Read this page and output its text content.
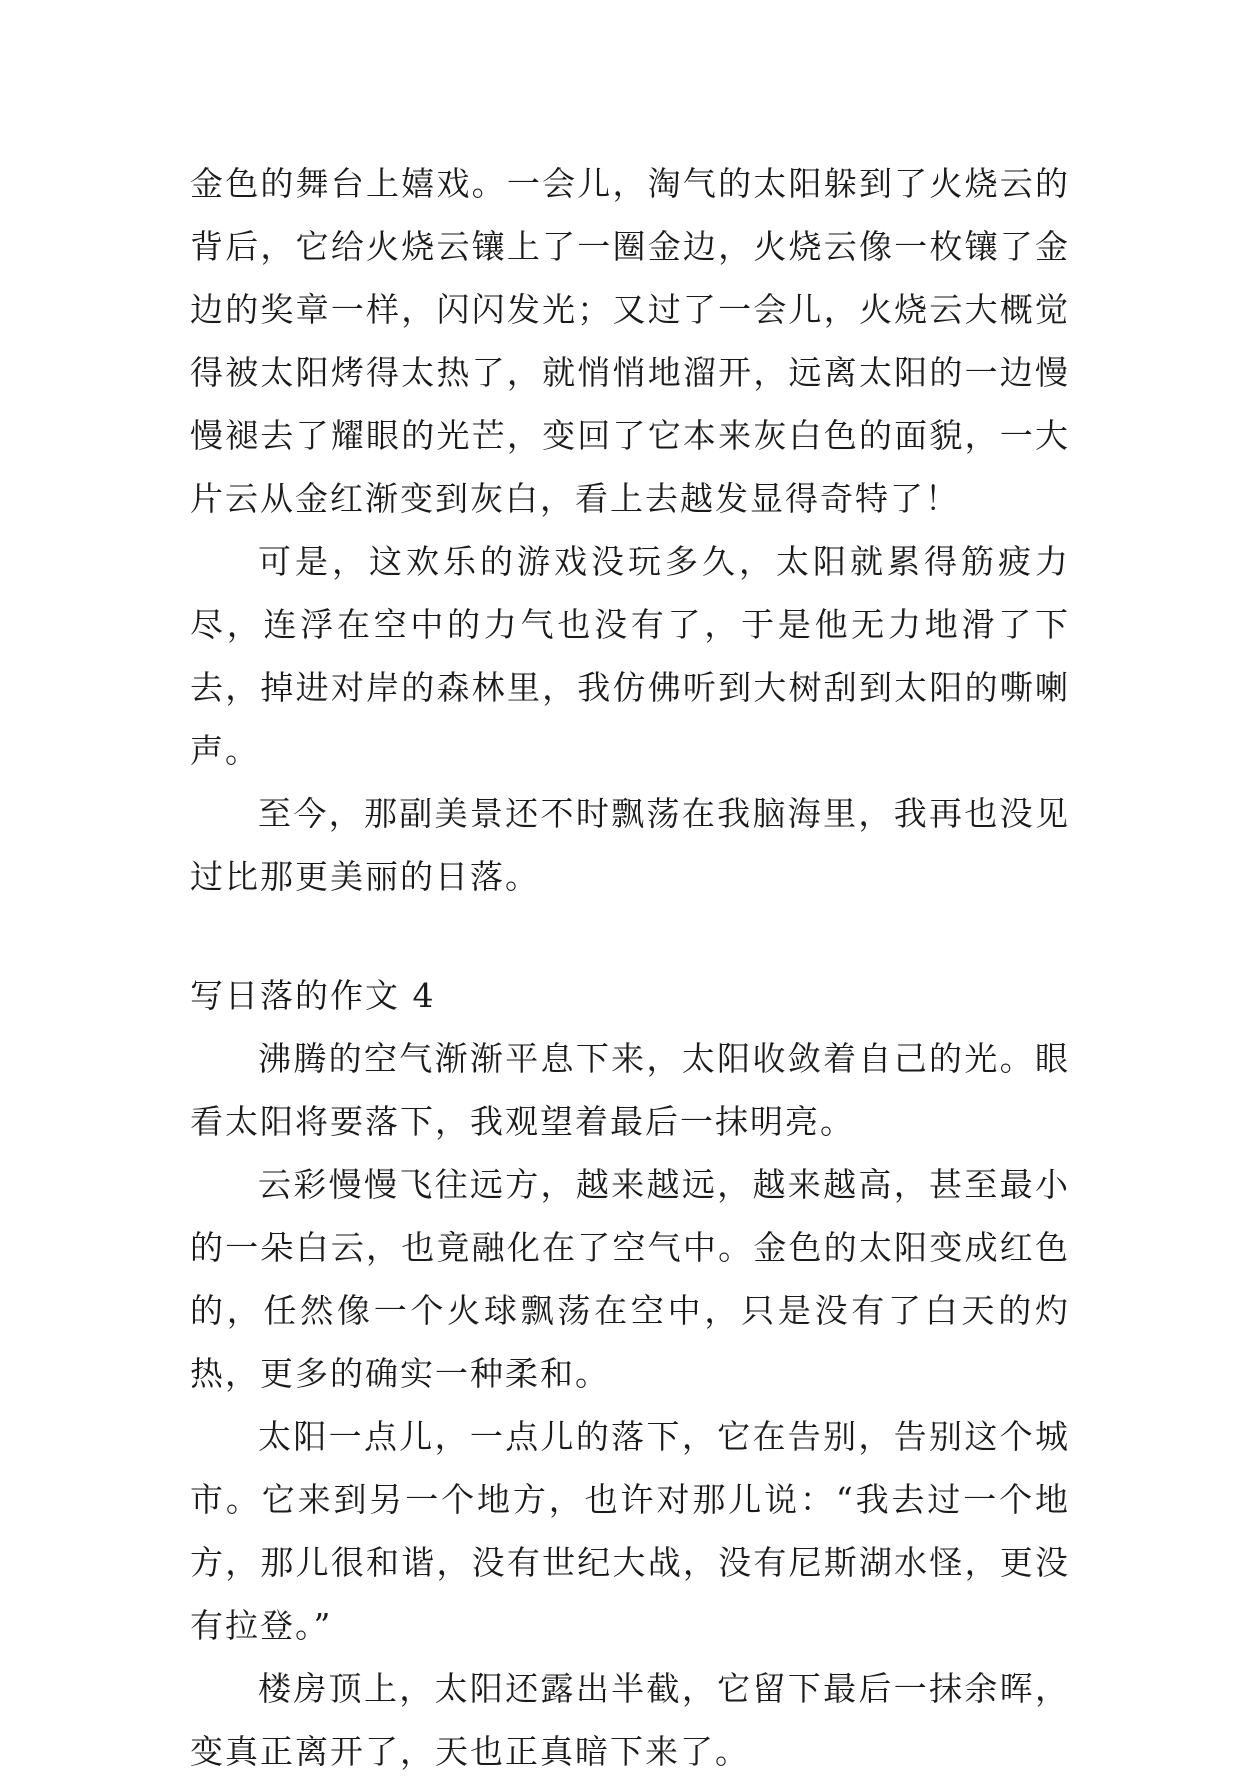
金色的舞台上嬉戏。一会儿，淘气的太阳躲到了火烧云的背后，它给火烧云镶上了一圈金边，火烧云像一枚镶了金边的奖章一样，闪闪发光；又过了一会儿，火烧云大概觉得被太阳烤得太热了，就悄悄地溜开，远离太阳的一边慢慢褪去了耀眼的光芒，变回了它本来灰白色的面貌，一大片云从金红渐变到灰白，看上去越发显得奇特了！

可是，这欢乐的游戏没玩多久，太阳就累得筋疲力尽，连浮在空中的力气也没有了，于是他无力地滑了下去，掉进对岸的森林里，我仿佛听到大树刮到太阳的嘶喇声。

至今，那副美景还不时飘荡在我脑海里，我再也没见过比那更美丽的日落。

写日落的作文 4

沸腾的空气渐渐平息下来，太阳收敛着自己的光。眼看太阳将要落下，我观望着最后一抹明亮。

云彩慢慢飞往远方，越来越远，越来越高，甚至最小的一朵白云，也竟融化在了空气中。金色的太阳变成红色的，任然像一个火球飘荡在空中，只是没有了白天的灼热，更多的确实一种柔和。

太阳一点儿，一点儿的落下，它在告别，告别这个城市。它来到另一个地方，也许对那儿说：“我去过一个地方，那儿很和谐，没有世纪大战，没有尼斯湖水怪，更没有拉登。”

楼房顶上，太阳还露出半截，它留下最后一抹余晖，变真正离开了，天也正真暗下来了。
